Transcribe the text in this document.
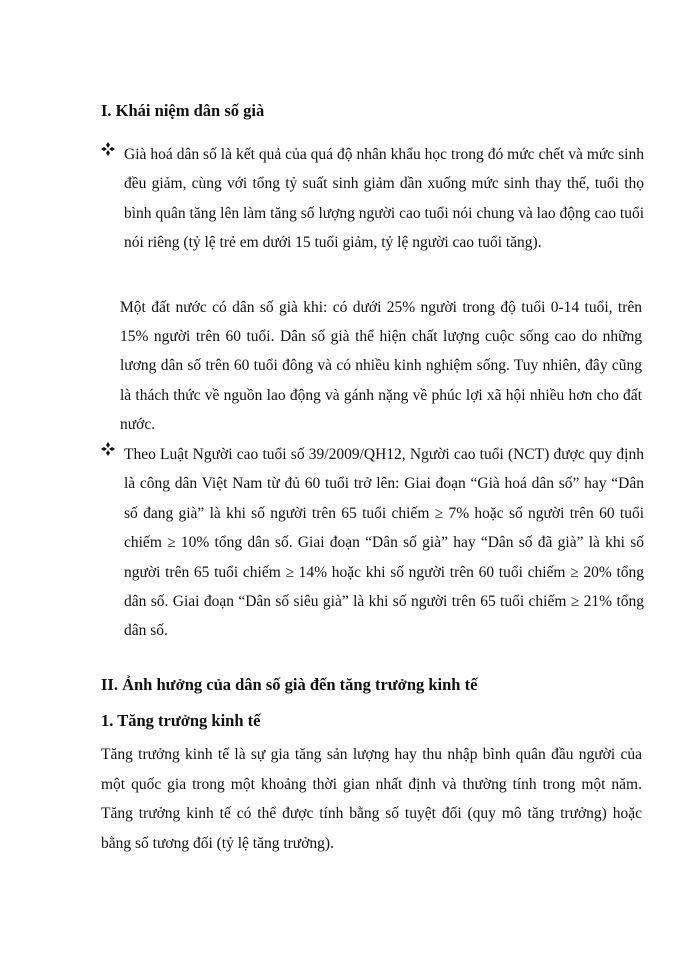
I. Khái niệm dân số già
Già hoá dân số là kết quả của quá độ nhân khẩu học trong đó mức chết và mức sinh đều giảm, cùng với tổng tỷ suất sinh giảm dần xuống mức sinh thay thế, tuổi thọ bình quân tăng lên làm tăng số lượng người cao tuổi nói chung và lao động cao tuổi nói riêng (tỷ lệ trẻ em dưới 15 tuổi giảm, tỷ lệ người cao tuổi tăng).
Một đất nước có dân số già khi: có dưới 25% người trong độ tuổi 0-14 tuổi, trên 15% người trên 60 tuổi. Dân số già thể hiện chất lượng cuộc sống cao do những lương dân số trên 60 tuổi đông và có nhiều kinh nghiệm sống. Tuy nhiên, đây cũng là thách thức về nguồn lao động và gánh nặng về phúc lợi xã hội nhiều hơn cho đất nước.
Theo Luật Người cao tuổi số 39/2009/QH12, Người cao tuổi (NCT) được quy định là công dân Việt Nam từ đủ 60 tuổi trở lên: Giai đoạn “Già hoá dân số” hay “Dân số đang già” là khi số người trên 65 tuổi chiếm ≥ 7% hoặc số người trên 60 tuổi chiếm ≥ 10% tổng dân số. Giai đoạn “Dân số già” hay “Dân số đã già” là khi số người trên 65 tuổi chiếm ≥ 14% hoặc khi số người trên 60 tuổi chiếm ≥ 20% tổng dân số. Giai đoạn “Dân số siêu già” là khi số người trên 65 tuổi chiếm ≥ 21% tổng dân số.
II. Ảnh hưởng của dân số già đến tăng trưởng kinh tế
1. Tăng trưởng kinh tế
Tăng trưởng kinh tế là sự gia tăng sản lượng hay thu nhập bình quân đầu người của một quốc gia trong một khoảng thời gian nhất định và thường tính trong một năm. Tăng trưởng kinh tế có thể được tính bằng số tuyệt đối (quy mô tăng trưởng) hoặc bằng số tương đối (tỷ lệ tăng trưởng).
